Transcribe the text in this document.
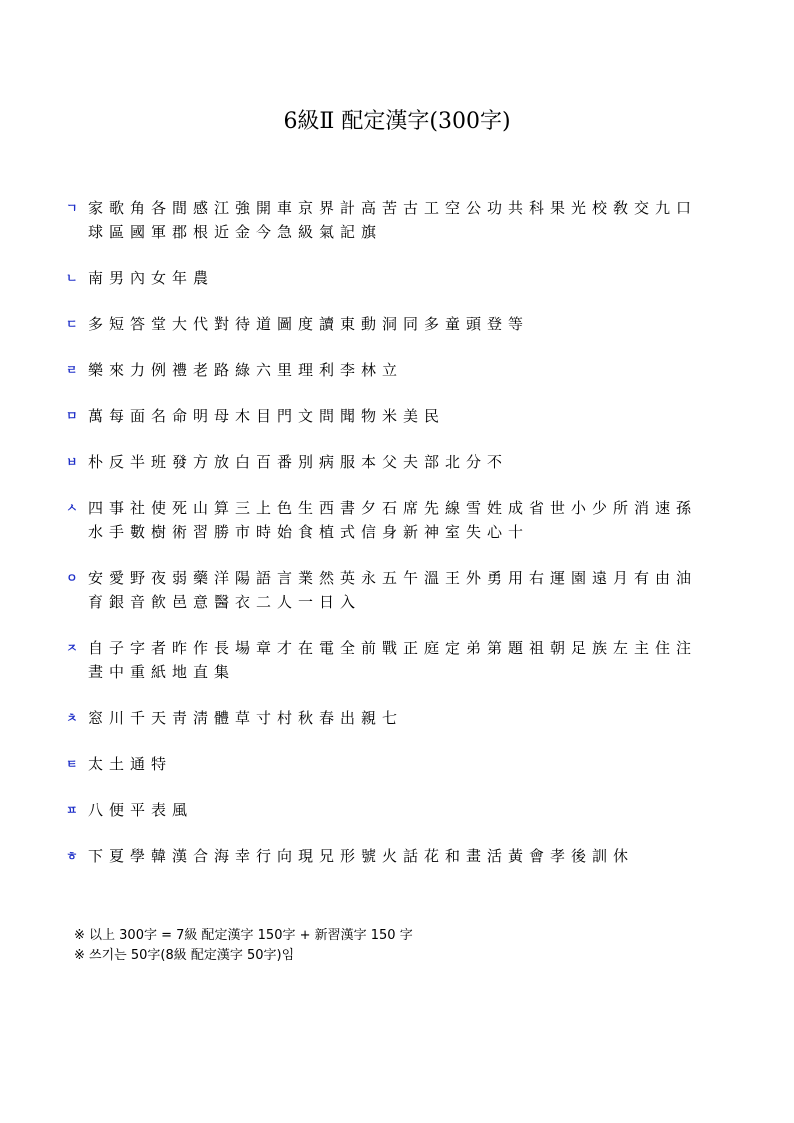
6級Ⅱ 配定漢字(300字)
ㄱ 家歌角各間感江強開車京界計高苦古工空公功共科果光校敎交九口
球區國軍郡根近金今急級氣記旗
ㄴ 南男內女年農
ㄷ 多短答堂大代對待道圖度讀東動洞同多童頭登等
ㄹ 樂來力例禮老路綠六里理利李林立
ㅁ 萬每面名命明母木目門文問聞物米美民
ㅂ 朴反半班發方放白百番別病服本父夫部北分不
ㅅ 四事社使死山算三上色生西書夕石席先線雪姓成省世小少所消速孫
水手數樹術習勝市時始食植式信身新神室失心十
ㅇ 安愛野夜弱藥洋陽語言業然英永五午溫王外勇用右運園遠月有由油
育銀音飮邑意醫衣二人一日入
ㅈ 自子字者昨作長場章才在電全前戰正庭定弟第題祖朝足族左主住注
晝中重紙地直集
ㅊ 窓川千天靑淸體草寸村秋春出親七
ㅌ 太土通特
ㅍ 八便平表風
ㅎ 下夏學韓漢合海幸行向現兄形號火話花和畫活黃會孝後訓休
※ 以上 300字 = 7級 配定漢字 150字 + 新習漢字 150 字
※ 쓰기는 50字(8級 配定漢字 50字)임
